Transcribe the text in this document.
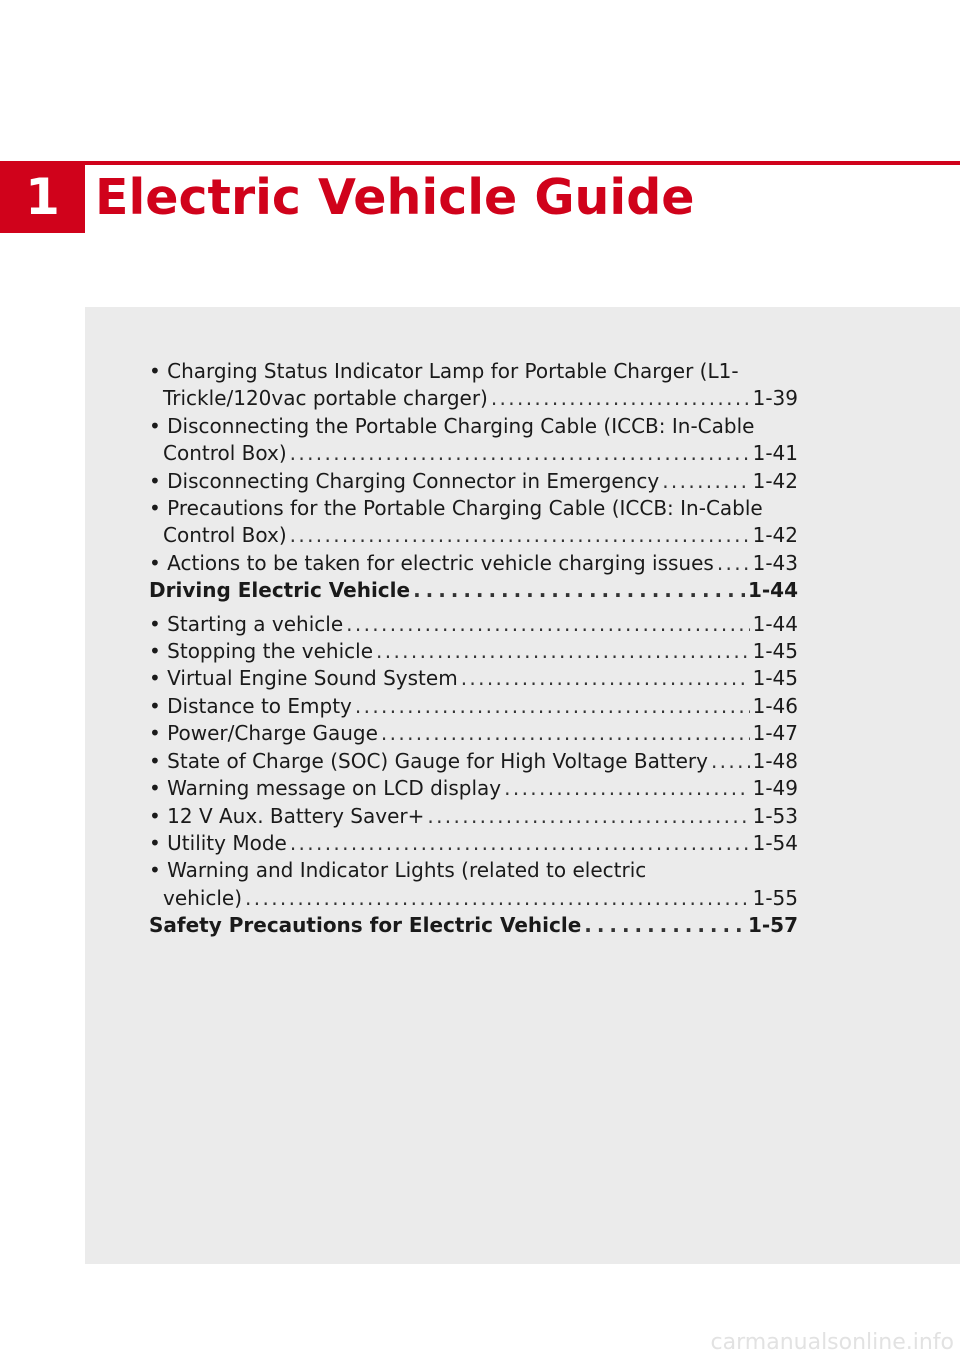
1 Electric Vehicle Guide
• Charging Status Indicator Lamp for Portable Charger (L1-
Trickle/120vac portable charger) . . .	1-39
• Disconnecting the Portable Charging Cable (ICCB: In-Cable
Control Box) . . .	1-41
• Disconnecting Charging Connector in Emergency . . .	1-42
• Precautions for the Portable Charging Cable (ICCB: In-Cable
Control Box) . . .	1-42
• Actions to be taken for electric vehicle charging issues . . . 1-43
Driving Electric Vehicle . . .	1-44
• Starting a vehicle . . .	1-44
• Stopping the vehicle . . .	1-45
• Virtual Engine Sound System . . .	1-45
• Distance to Empty . . .	1-46
• Power/Charge Gauge . . .	1-47
• State of Charge (SOC) Gauge for High Voltage Battery . . . 1-48
• Warning message on LCD display . . .	1-49
• 12 V Aux. Battery Saver+ . . .	1-53
• Utility Mode . . .	1-54
• Warning and Indicator Lights (related to electric
vehicle) . . .	1-55
Safety Precautions for Electric Vehicle . . .	1-57
carmanualsonline.info
